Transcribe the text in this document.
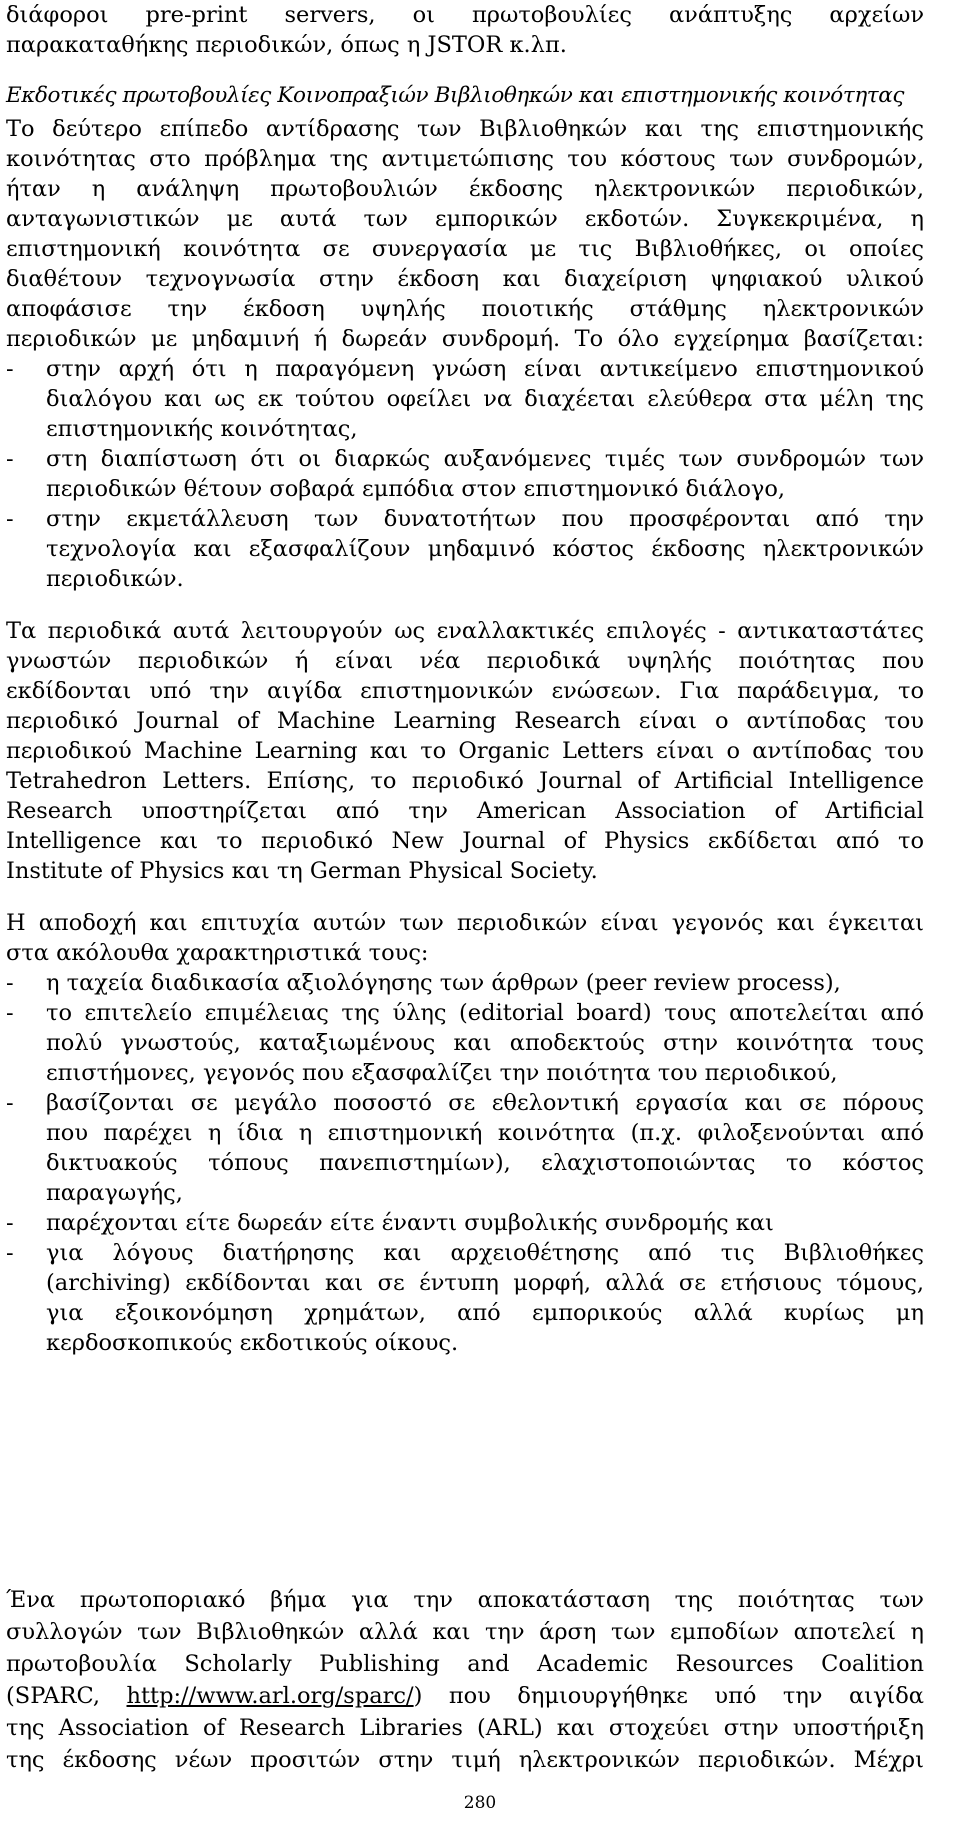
διάφοροι pre-print servers, οι πρωτοβουλίες ανάπτυξης αρχείων
παρακαταθήκης περιοδικών, όπως η JSTOR κ.λπ.
Εκδοτικές πρωτοβουλίες Κοινοπραξιών Βιβλιοθηκών και επιστημονικής κοινότητας
Το δεύτερο επίπεδο αντίδρασης των Βιβλιοθηκών και της επιστημονικής
κοινότητας στο πρόβλημα της αντιμετώπισης του κόστους των συνδρομών,
ήταν η ανάληψη πρωτοβουλιών έκδοσης ηλεκτρονικών περιοδικών,
ανταγωνιστικών με αυτά των εμπορικών εκδοτών. Συγκεκριμένα, η
επιστημονική κοινότητα σε συνεργασία με τις Βιβλιοθήκες, οι οποίες
διαθέτουν τεχνογνωσία στην έκδοση και διαχείριση ψηφιακού υλικού
αποφάσισε την έκδοση υψηλής ποιοτικής στάθμης ηλεκτρονικών
περιοδικών με μηδαμινή ή δωρεάν συνδρομή. Το όλο εγχείρημα βασίζεται:
- στην αρχή ότι η παραγόμενη γνώση είναι αντικείμενο επιστημονικού
διαλόγου και ως εκ τούτου οφείλει να διαχέεται ελεύθερα στα μέλη της
επιστημονικής κοινότητας,
- στη διαπίστωση ότι οι διαρκώς αυξανόμενες τιμές των συνδρομών των
περιοδικών θέτουν σοβαρά εμπόδια στον επιστημονικό διάλογο,
- στην εκμετάλλευση των δυνατοτήτων που προσφέρονται από την
τεχνολογία και εξασφαλίζουν μηδαμινό κόστος έκδοσης ηλεκτρονικών
περιοδικών.
Τα περιοδικά αυτά λειτουργούν ως εναλλακτικές επιλογές - αντικαταστάτες
γνωστών περιοδικών ή είναι νέα περιοδικά υψηλής ποιότητας που
εκδίδονται υπό την αιγίδα επιστημονικών ενώσεων. Για παράδειγμα, το
περιοδικό Journal of Machine Learning Research είναι ο αντίποδας του
περιοδικού Machine Learning και το Organic Letters είναι ο αντίποδας του
Tetrahedron Letters. Επίσης, το περιοδικό Journal of Artificial Intelligence
Research υποστηρίζεται από την American Association of Artificial
Intelligence και το περιοδικό New Journal of Physics εκδίδεται από το
Institute of Physics και τη German Physical Society.
Η αποδοχή και επιτυχία αυτών των περιοδικών είναι γεγονός και έγκειται
στα ακόλουθα χαρακτηριστικά τους:
- η ταχεία διαδικασία αξιολόγησης των άρθρων (peer review process),
- το επιτελείο επιμέλειας της ύλης (editorial board) τους αποτελείται από
πολύ γνωστούς, καταξιωμένους και αποδεκτούς στην κοινότητα τους
επιστήμονες, γεγονός που εξασφαλίζει την ποιότητα του περιοδικού,
- βασίζονται σε μεγάλο ποσοστό σε εθελοντική εργασία και σε πόρους
που παρέχει η ίδια η επιστημονική κοινότητα (π.χ. φιλοξενούνται από
δικτυακούς τόπους πανεπιστημίων), ελαχιστοποιώντας το κόστος
παραγωγής,
- παρέχονται είτε δωρεάν είτε έναντι συμβολικής συνδρομής και
- για λόγους διατήρησης και αρχειοθέτησης από τις Βιβλιοθήκες
(archiving) εκδίδονται και σε έντυπη μορφή, αλλά σε ετήσιους τόμους,
για εξοικονόμηση χρημάτων, από εμπορικούς αλλά κυρίως μη
κερδοσκοπικούς εκδοτικούς οίκους.
Ένα πρωτοποριακό βήμα για την αποκατάσταση της ποιότητας των
συλλογών των Βιβλιοθηκών αλλά και την άρση των εμποδίων αποτελεί η
πρωτοβουλία Scholarly Publishing and Academic Resources Coalition
(SPARC, http://www.arl.org/sparc/) που δημιουργήθηκε υπό την αιγίδα
της Association of Research Libraries (ARL) και στοχεύει στην υποστήριξη
της έκδοσης νέων προσιτών στην τιμή ηλεκτρονικών περιοδικών. Μέχρι
280
